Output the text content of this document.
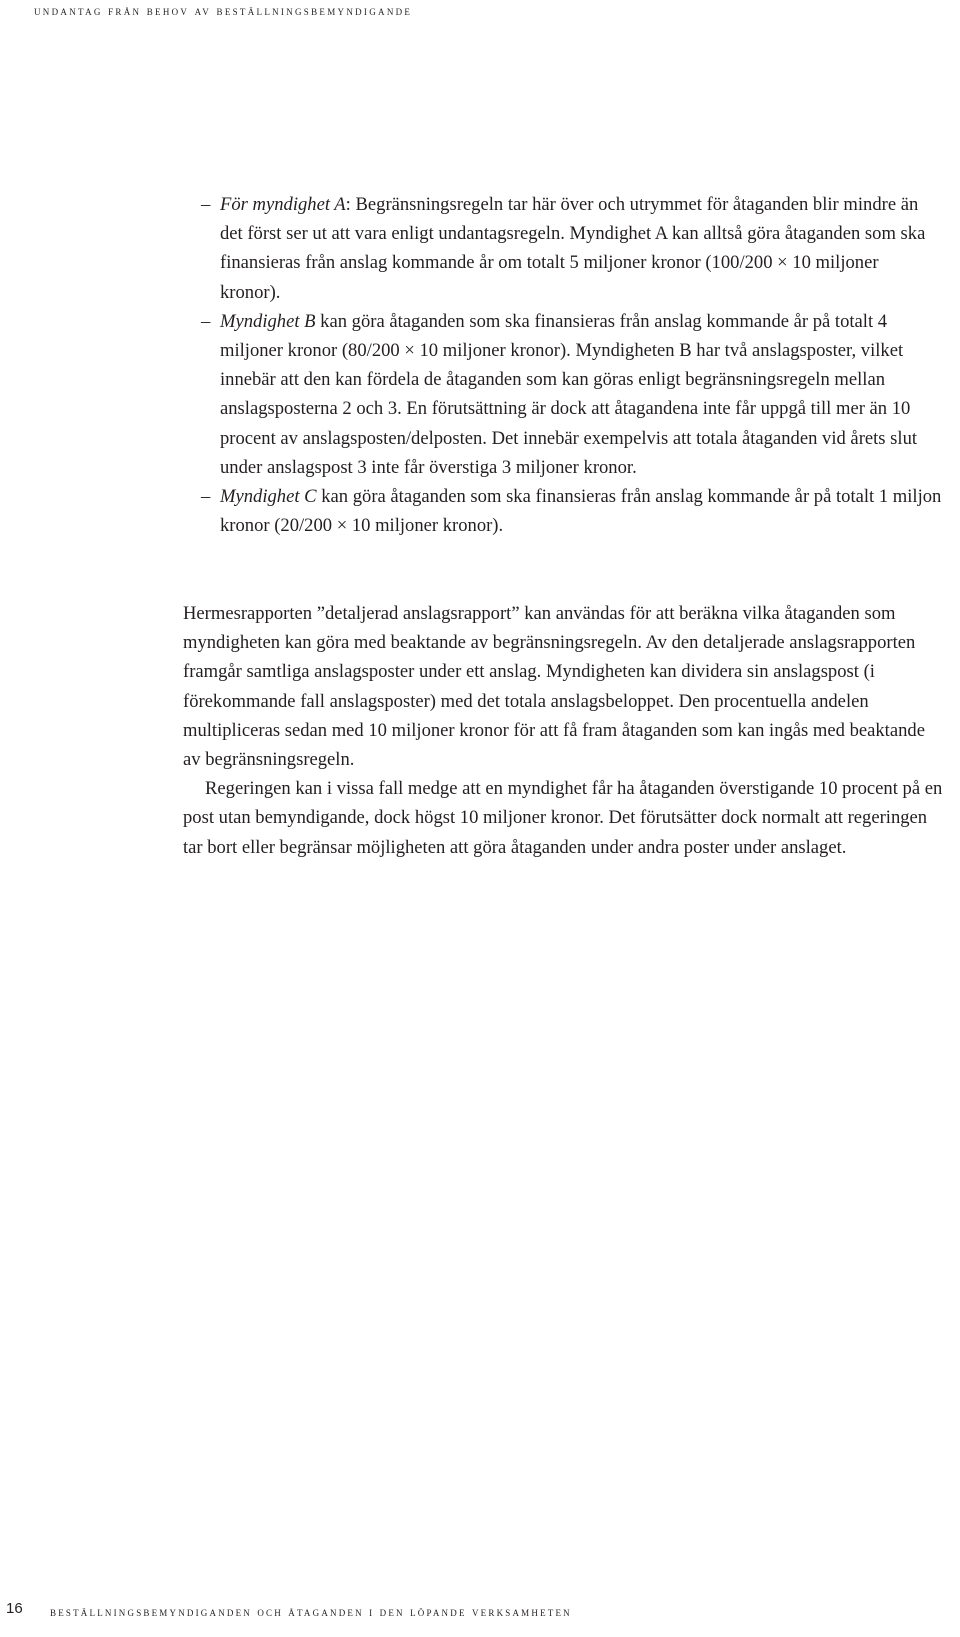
undantag från behov av beställningsbemyndigande
– För myndighet A: Begränsningsregeln tar här över och utrymmet för åtaganden blir mindre än det först ser ut att vara enligt undantagsregeln. Myndighet A kan alltså göra åtaganden som ska finansieras från anslag kommande år om totalt 5 miljoner kronor (100/200 × 10 miljoner kronor).
– Myndighet B kan göra åtaganden som ska finansieras från anslag kommande år på totalt 4 miljoner kronor (80/200 × 10 miljoner kronor). Myndigheten B har två anslagsposter, vilket innebär att den kan fördela de åtaganden som kan göras enligt begränsningsregeln mellan anslagsposterna 2 och 3. En förutsättning är dock att åtagandena inte får uppgå till mer än 10 procent av anslagsposten/delposten. Det innebär exempelvis att totala åtaganden vid årets slut under anslagspost 3 inte får överstiga 3 miljoner kronor.
– Myndighet C kan göra åtaganden som ska finansieras från anslag kommande år på totalt 1 miljon kronor (20/200 × 10 miljoner kronor).

Hermesrapporten ”detaljerad anslagsrapport” kan användas för att beräkna vilka åtaganden som myndigheten kan göra med beaktande av begränsningsregeln. Av den detaljerade anslagsrapporten framgår samtliga anslagsposter under ett anslag. Myndigheten kan dividera sin anslagspost (i förekommande fall anslagsposter) med det totala anslagsbeloppet. Den procentuella andelen multipliceras sedan med 10 miljoner kronor för att få fram åtaganden som kan ingås med beaktande av begränsningsregeln.

Regeringen kan i vissa fall medge att en myndighet får ha åtaganden överstigande 10 procent på en post utan bemyndigande, dock högst 10 miljoner kronor. Det förutsätter dock normalt att regeringen tar bort eller begränsar möjligheten att göra åtaganden under andra poster under anslaget.

16 beställningsbemyndiganden och åtaganden i den löpande verksamheten
